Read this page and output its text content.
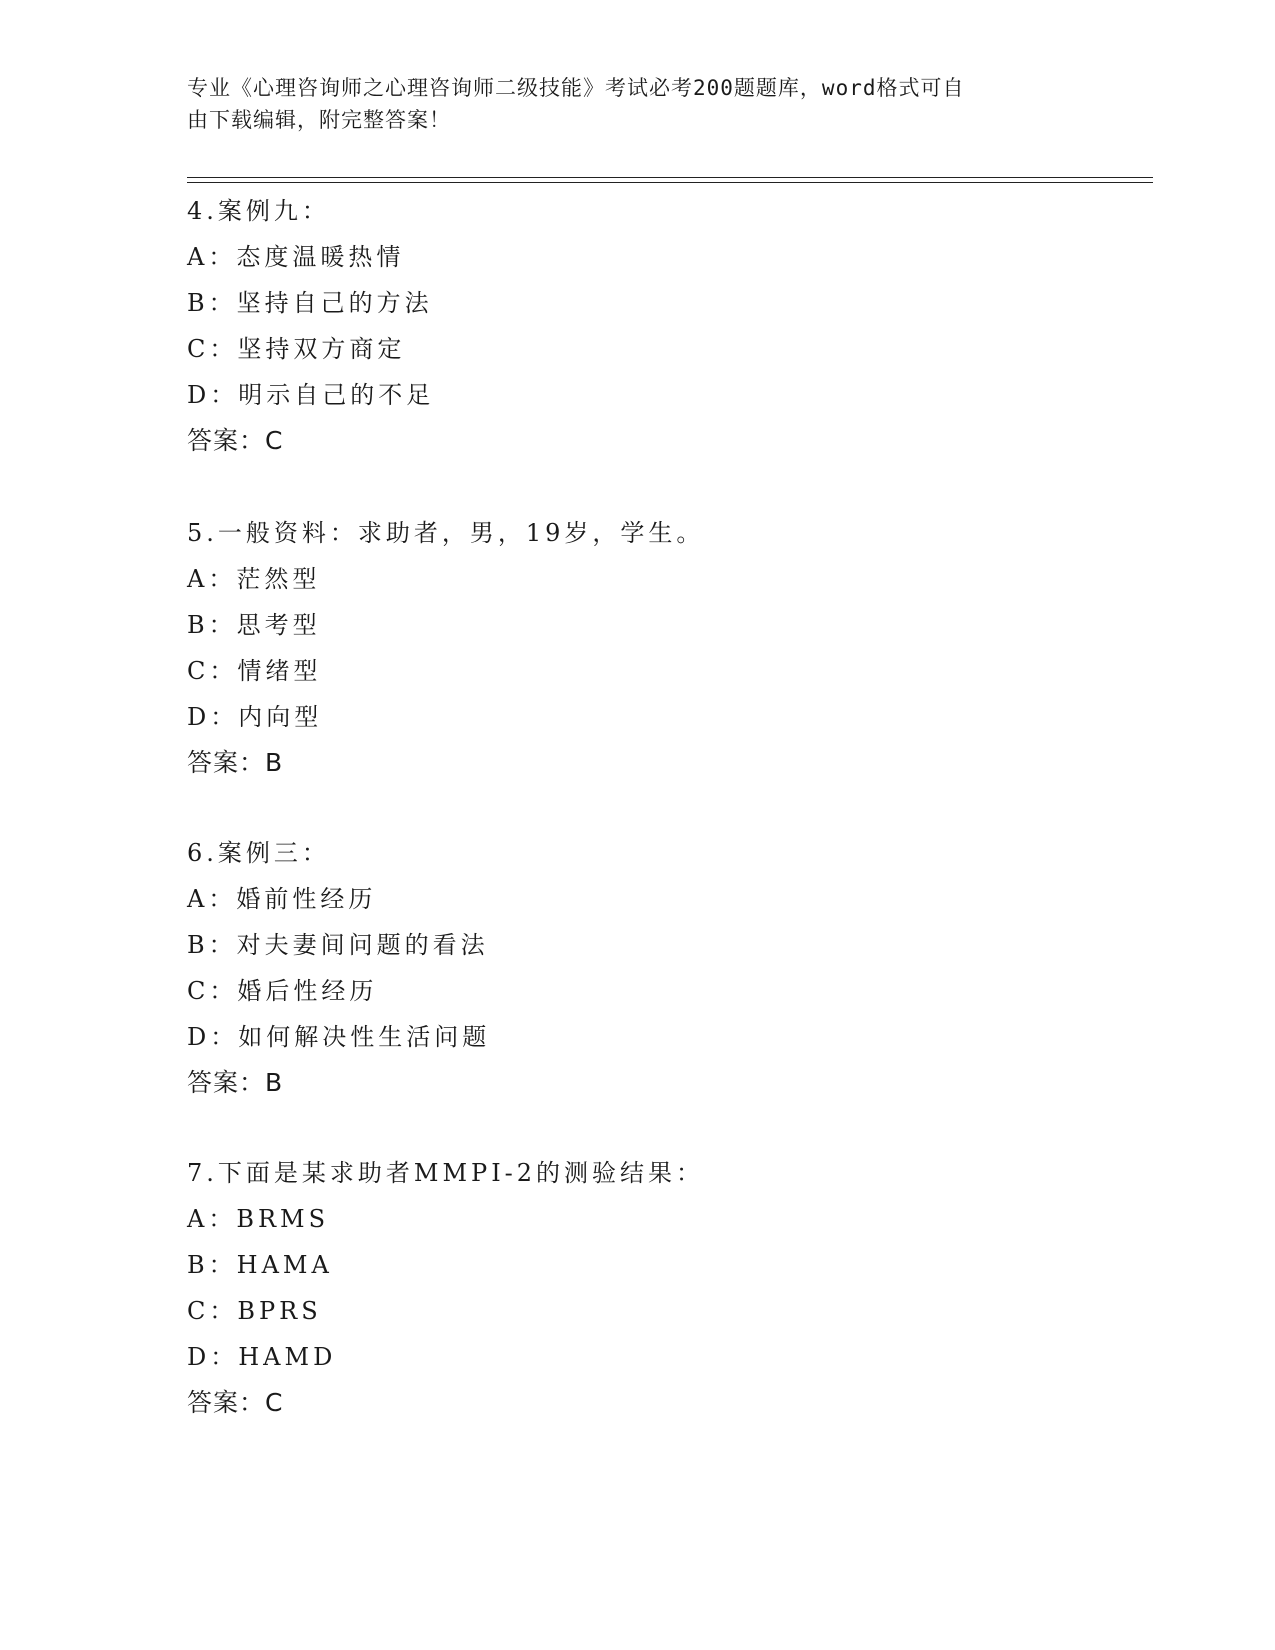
专业《心理咨询师之心理咨询师二级技能》考试必考200题题库，word格式可自
由下载编辑，附完整答案！
4.案例九：
A：态度温暖热情
B：坚持自己的方法
C：坚持双方商定
D：明示自己的不足
答案：C
5.一般资料：求助者，男，19岁，学生。
A：茫然型
B：思考型
C：情绪型
D：内向型
答案：B
6.案例三：
A：婚前性经历
B：对夫妻间问题的看法
C：婚后性经历
D：如何解决性生活问题
答案：B
7.下面是某求助者MMPI-2的测验结果：
A：BRMS
B：HAMA
C：BPRS
D：HAMD
答案：C
